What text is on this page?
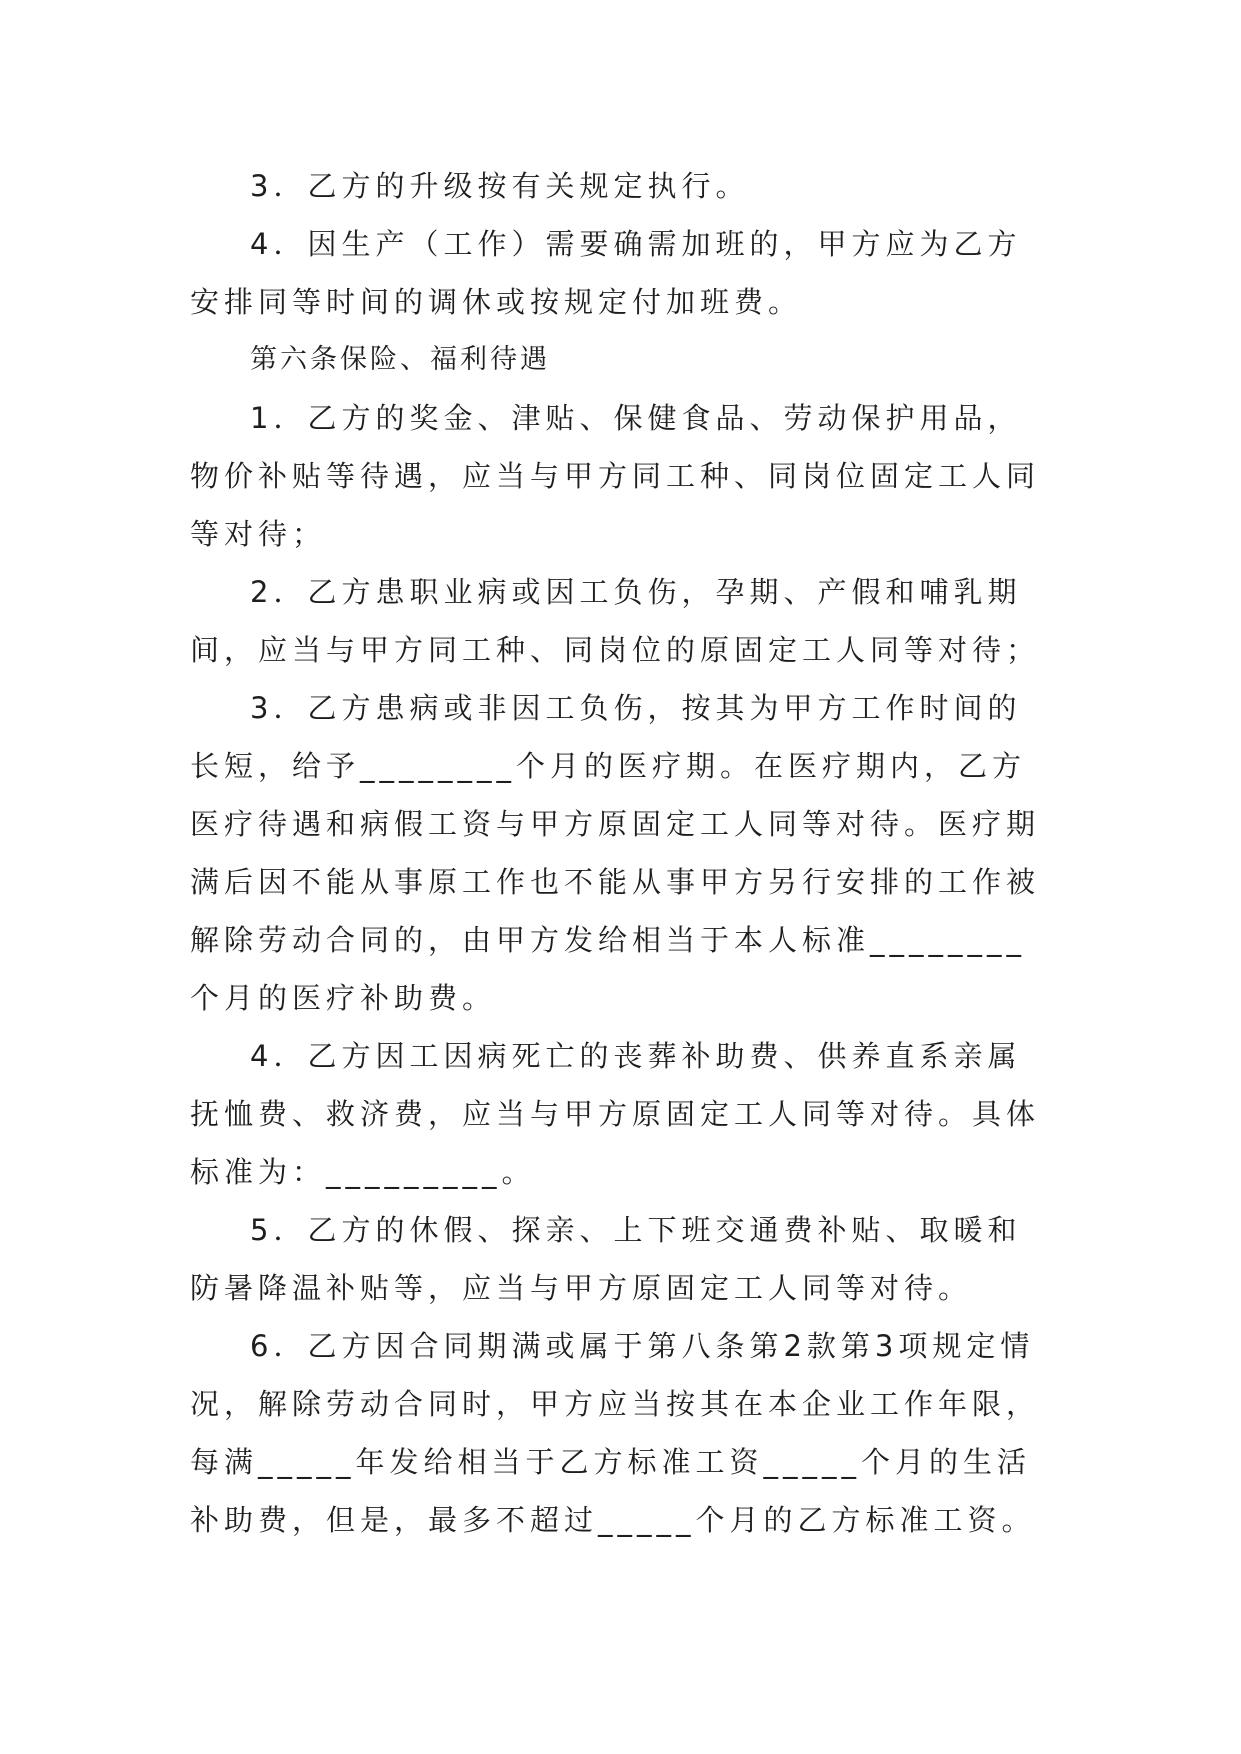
3．乙方的升级按有关规定执行。

4．因生产（工作）需要确需加班的，甲方应为乙方安排同等时间的调休或按规定付加班费。

第六条保险、福利待遇

1．乙方的奖金、津贴、保健食品、劳动保护用品，物价补贴等待遇，应当与甲方同工种、同岗位固定工人同等对待；

2．乙方患职业病或因工负伤，孕期、产假和哺乳期间，应当与甲方同工种、同岗位的原固定工人同等对待；

3．乙方患病或非因工负伤，按其为甲方工作时间的长短，给予________个月的医疗期。在医疗期内，乙方医疗待遇和病假工资与甲方原固定工人同等对待。医疗期满后因不能从事原工作也不能从事甲方另行安排的工作被解除劳动合同的，由甲方发给相当于本人标准________个月的医疗补助费。

4．乙方因工因病死亡的丧葬补助费、供养直系亲属抚恤费、救济费，应当与甲方原固定工人同等对待。具体标准为：_________。

5．乙方的休假、探亲、上下班交通费补贴、取暖和防暑降温补贴等，应当与甲方原固定工人同等对待。

6．乙方因合同期满或属于第八条第2款第3项规定情况，解除劳动合同时，甲方应当按其在本企业工作年限，每满_____年发给相当于乙方标准工资_____个月的生活补助费，但是，最多不超过_____个月的乙方标准工资。
